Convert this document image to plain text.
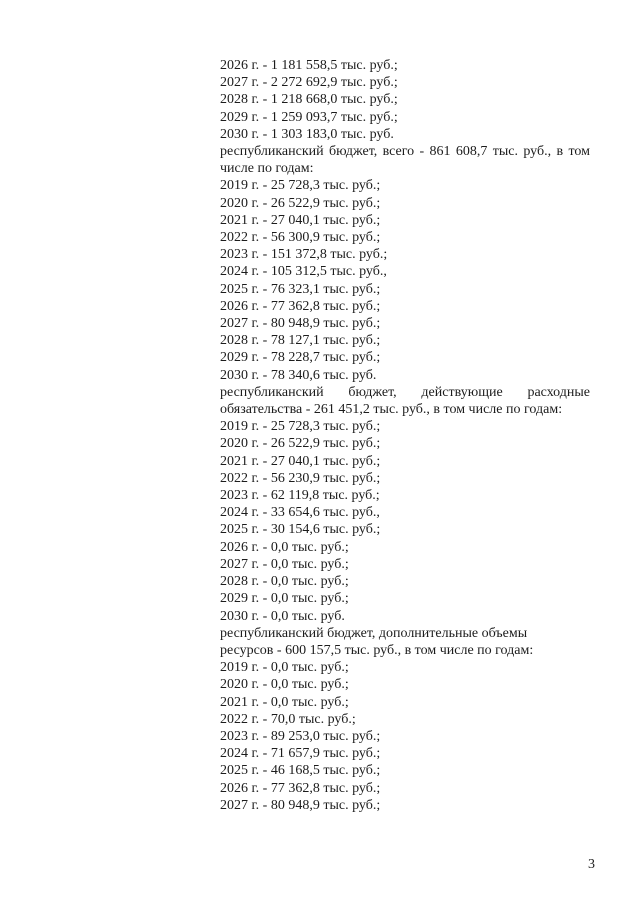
2026 г. - 1 181 558,5 тыс. руб.;
2027 г. - 2 272 692,9 тыс. руб.;
2028 г. - 1 218 668,0 тыс. руб.;
2029 г. - 1 259 093,7 тыс. руб.;
2030 г. - 1 303 183,0 тыс. руб.
республиканский бюджет, всего - 861 608,7 тыс. руб., в том числе по годам:
2019 г. - 25 728,3 тыс. руб.;
2020 г. - 26 522,9 тыс. руб.;
2021 г. - 27 040,1 тыс. руб.;
2022 г. - 56 300,9 тыс. руб.;
2023 г. - 151 372,8 тыс. руб.;
2024 г. - 105 312,5 тыс. руб.,
2025 г. - 76 323,1 тыс. руб.;
2026 г. - 77 362,8 тыс. руб.;
2027 г. - 80 948,9 тыс. руб.;
2028 г. - 78 127,1 тыс. руб.;
2029 г. - 78 228,7 тыс. руб.;
2030 г. - 78 340,6 тыс. руб.
республиканский бюджет, действующие расходные обязательства - 261 451,2 тыс. руб., в том числе по годам:
2019 г. - 25 728,3 тыс. руб.;
2020 г. - 26 522,9 тыс. руб.;
2021 г. - 27 040,1 тыс. руб.;
2022 г. - 56 230,9 тыс. руб.;
2023 г. - 62 119,8 тыс. руб.;
2024 г. - 33 654,6 тыс. руб.,
2025 г. - 30 154,6 тыс. руб.;
2026 г. - 0,0 тыс. руб.;
2027 г. - 0,0 тыс. руб.;
2028 г. - 0,0 тыс. руб.;
2029 г. - 0,0 тыс. руб.;
2030 г. - 0,0 тыс. руб.
республиканский бюджет, дополнительные объемы
ресурсов - 600 157,5 тыс. руб., в том числе по годам:
2019 г. - 0,0 тыс. руб.;
2020 г. - 0,0 тыс. руб.;
2021 г. - 0,0 тыс. руб.;
2022 г. - 70,0 тыс. руб.;
2023 г. - 89 253,0 тыс. руб.;
2024 г. - 71 657,9 тыс. руб.;
2025 г. - 46 168,5 тыс. руб.;
2026 г. - 77 362,8 тыс. руб.;
2027 г. - 80 948,9 тыс. руб.;
3
